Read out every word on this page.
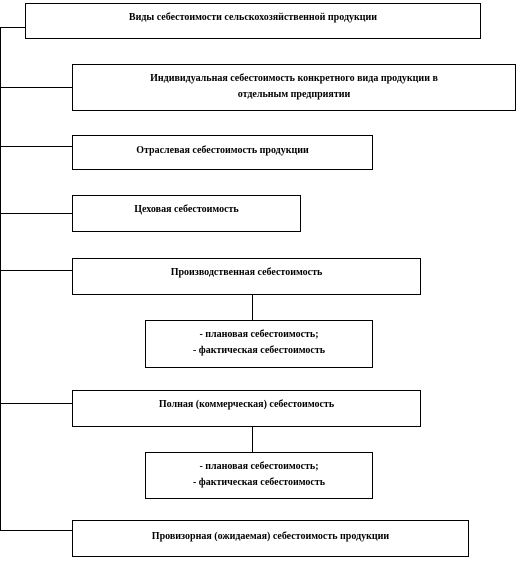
Виды себестоимости сельскохозяйственной продукции
Индивидуальная себестоимость конкретного вида продукции в
отдельным предприятии
Отраслевая себестоимость продукции
Цеховая себестоимость
Производственная себестоимость
- плановая себестоимость;
- фактическая себестоимость
Полная (коммерческая) себестоимость
- плановая себестоимость;
- фактическая себестоимость
Провизорная (ожидаемая) себестоимость продукции
